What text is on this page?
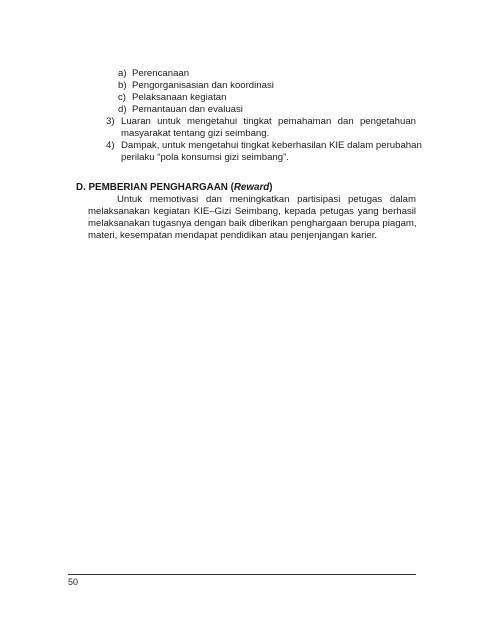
a) Perencanaan
b) Pengorganisasian dan koordinasi
c) Pelaksanaan kegiatan
d) Pemantauan dan evaluasi
3) Luaran untuk mengetahui tingkat pemahaman dan pengetahuan
masyarakat tentang gizi seimbang.
4) Dampak, untuk mengetahui tingkat keberhasilan KIE dalam perubahan
perilaku “pola konsumsi gizi seimbang”.
D. PEMBERIAN PENGHARGAAN (Reward)
Untuk memotivasi dan meningkatkan partisipasi petugas dalam
melaksanakan kegiatan KIE–Gizi Seimbang, kepada petugas yang berhasil
melaksanakan tugasnya dengan baik diberikan penghargaan berupa piagam,
materi, kesempatan mendapat pendidikan atau penjenjangan karier.
50
